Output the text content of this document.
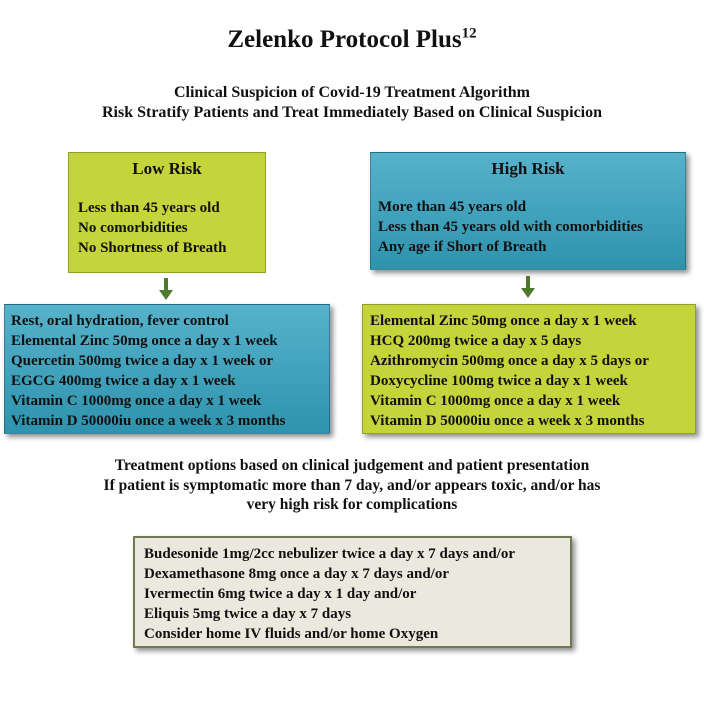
Zelenko Protocol Plus$^{12}$
Clinical Suspicion of Covid-19 Treatment Algorithm
Risk Stratify Patients and Treat Immediately Based on Clinical Suspicion
Low Risk
Less than 45 years old
No comorbidities
No Shortness of Breath
High Risk
More than 45 years old
Less than 45 years old with comorbidities
Any age if Short of Breath
Rest, oral hydration, fever control
Elemental Zinc 50mg once a day x 1 week
Quercetin 500mg twice a day x 1 week or
EGCG 400mg twice a day x 1 week
Vitamin C 1000mg once a day x 1 week
Vitamin D 50000iu once a week x 3 months
Elemental Zinc 50mg once a day x 1 week
HCQ 200mg twice a day x 5 days
Azithromycin 500mg once a day x 5 days or
Doxycycline 100mg twice a day x 1 week
Vitamin C 1000mg once a day x 1 week
Vitamin D 50000iu once a week x 3 months
Treatment options based on clinical judgement and patient presentation
If patient is symptomatic more than 7 day, and/or appears toxic, and/or has
very high risk for complications
Budesonide 1mg/2cc nebulizer twice a day x 7 days and/or
Dexamethasone 8mg once a day x 7 days and/or
Ivermectin 6mg twice a day x 1 day and/or
Eliquis 5mg twice a day x 7 days
Consider home IV fluids and/or home Oxygen
